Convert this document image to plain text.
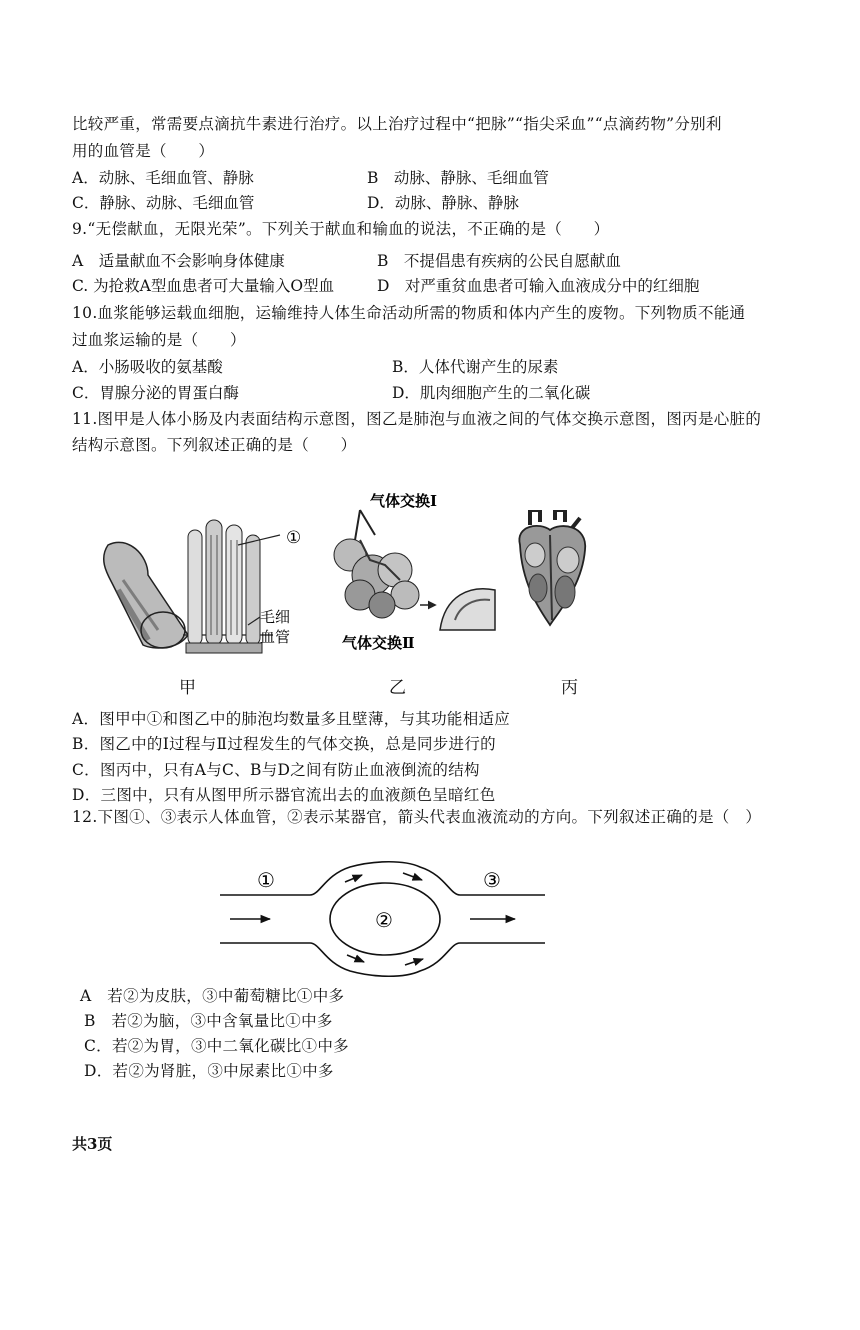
比较严重，常需要点滴抗牛素进行治疗。以上治疗过程中“把脉”“指尖采血”“点滴药物”分别利
用的血管是（　　）
A．动脉、毛细血管、静脉	B　动脉、静脉、毛细血管
C．静脉、动脉、毛细血管	D．动脉、静脉、静脉
9.“无偿献血，无限光荣”。下列关于献血和输血的说法，不正确的是（　　）
A　适量献血不会影响身体健康	B　不提倡患有疾病的公民自愿献血
C. 为抢救A型血患者可大量输入O型血	D　对严重贫血患者可输入血液成分中的红细胞
10.血浆能够运载血细胞，运输维持人体生命活动所需的物质和体内产生的废物。下列物质不能通
过血浆运输的是（　　）
A．小肠吸收的氨基酸	B．人体代谢产生的尿素
C．胃腺分泌的胃蛋白酶	D．肌肉细胞产生的二氧化碳
11.图甲是人体小肠及内表面结构示意图，图乙是肺泡与血液之间的气体交换示意图，图丙是心脏的
结构示意图。下列叙述正确的是（　　）
①
毛细
血管
气体交换Ⅰ
气体交换Ⅱ
甲	乙	丙
A．图甲中①和图乙中的肺泡均数量多且壁薄，与其功能相适应
B．图乙中的Ⅰ过程与Ⅱ过程发生的气体交换，总是同步进行的
C．图丙中，只有A与C、B与D之间有防止血液倒流的结构
D．三图中，只有从图甲所示器官流出去的血液颜色呈暗红色
12.下图①、③表示人体血管，②表示某器官，箭头代表血液流动的方向。下列叙述正确的是（　）
①
②
③
A　若②为皮肤，③中葡萄糖比①中多
B　若②为脑，③中含氧量比①中多
C．若②为胃，③中二氧化碳比①中多
D．若②为肾脏，③中尿素比①中多
共3页
